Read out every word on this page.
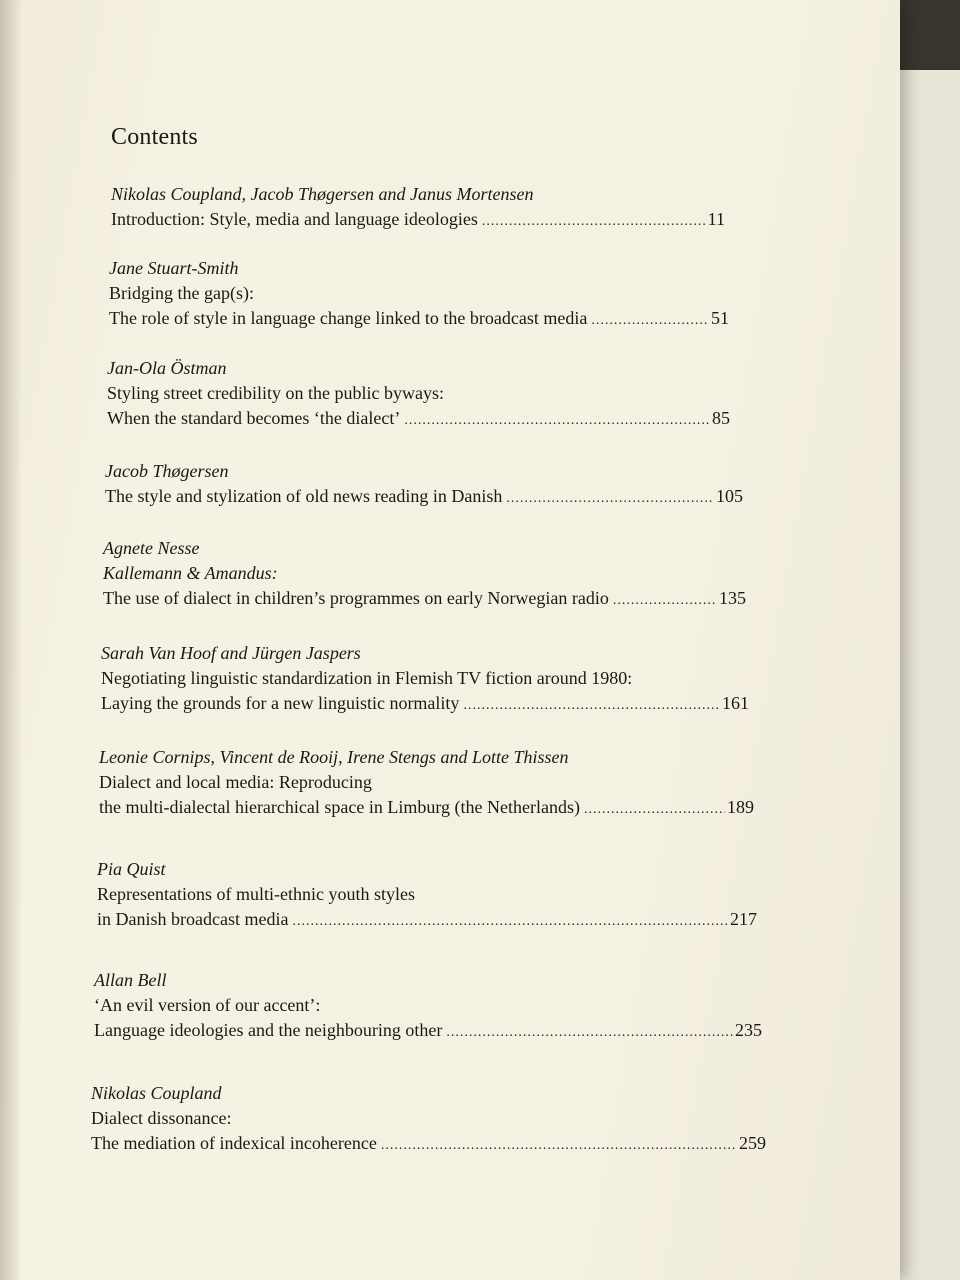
Contents
Nikolas Coupland, Jacob Thøgersen and Janus Mortensen
Introduction: Style, media and language ideologies .....	11
Jane Stuart-Smith
Bridging the gap(s):
The role of style in language change linked to the broadcast media .....	51
Jan-Ola Östman
Styling street credibility on the public byways:
When the standard becomes ‘the dialect’ .....	85
Jacob Thøgersen
The style and stylization of old news reading in Danish .....	105
Agnete Nesse
Kallemann & Amandus:
The use of dialect in children’s programmes on early Norwegian radio .....	135
Sarah Van Hoof and Jürgen Jaspers
Negotiating linguistic standardization in Flemish TV fiction around 1980:
Laying the grounds for a new linguistic normality .....	161
Leonie Cornips, Vincent de Rooij, Irene Stengs and Lotte Thissen
Dialect and local media: Reproducing
the multi-dialectal hierarchical space in Limburg (the Netherlands) .....	189
Pia Quist
Representations of multi-ethnic youth styles
in Danish broadcast media .....	217
Allan Bell
‘An evil version of our accent’:
Language ideologies and the neighbouring other .....	235
Nikolas Coupland
Dialect dissonance:
The mediation of indexical incoherence .....	259
